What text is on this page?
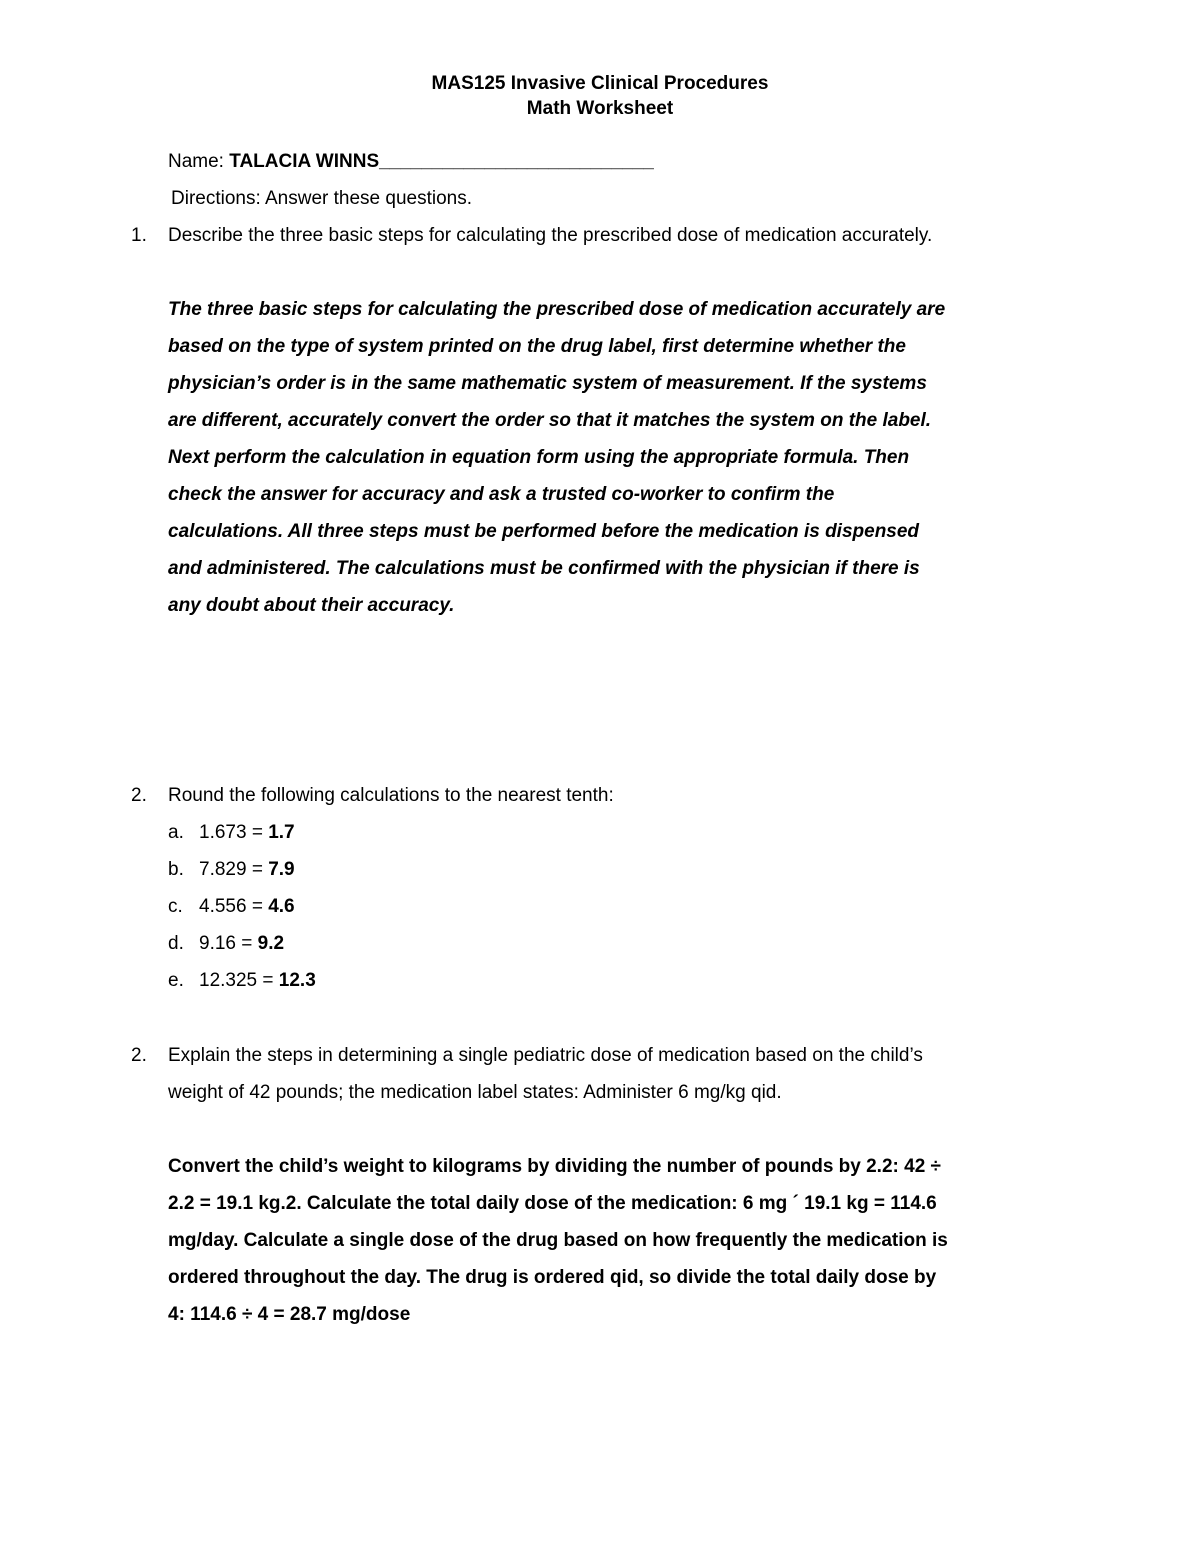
MAS125 Invasive Clinical Procedures
Math Worksheet
Name: TALACIA WINNS__________________________
Directions: Answer these questions.
1. Describe the three basic steps for calculating the prescribed dose of medication accurately.
The three basic steps for calculating the prescribed dose of medication accurately are
based on the type of system printed on the drug label, first determine whether the
physician’s order is in the same mathematic system of measurement. If the systems
are different, accurately convert the order so that it matches the system on the label.
Next perform the calculation in equation form using the appropriate formula. Then
check the answer for accuracy and ask a trusted co-worker to confirm the
calculations. All three steps must be performed before the medication is dispensed
and administered. The calculations must be confirmed with the physician if there is
any doubt about their accuracy.
2. Round the following calculations to the nearest tenth:
a. 1.673 = 1.7
b. 7.829 = 7.9
c. 4.556 = 4.6
d. 9.16 = 9.2
e. 12.325 = 12.3
2. Explain the steps in determining a single pediatric dose of medication based on the child’s
weight of 42 pounds; the medication label states: Administer 6 mg/kg qid.
Convert the child’s weight to kilograms by dividing the number of pounds by 2.2: 42 ÷
2.2 = 19.1 kg.2. Calculate the total daily dose of the medication: 6 mg ´ 19.1 kg = 114.6
mg/day. Calculate a single dose of the drug based on how frequently the medication is
ordered throughout the day. The drug is ordered qid, so divide the total daily dose by
4: 114.6 ÷ 4 = 28.7 mg/dose
